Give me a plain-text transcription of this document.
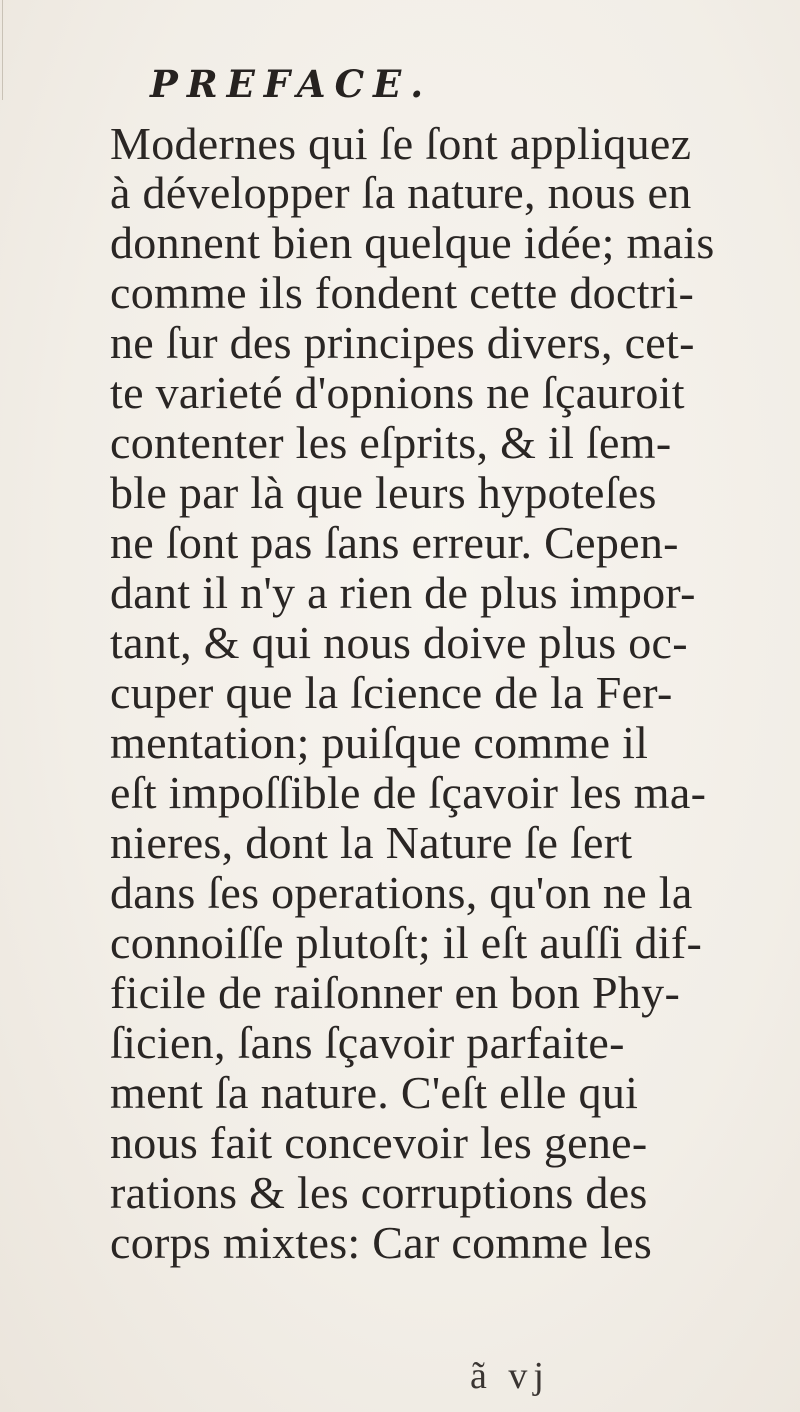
PREFACE.

Modernes qui ſe ſont appliquez

à développer ſa nature, nous en

donnent bien quelque idée; mais

comme ils fondent cette doctri-

ne ſur des principes divers, cet-

te varieté d'opnions ne ſçauroit

contenter les eſprits, & il ſem-

ble par là que leurs hypoteſes

ne ſont pas ſans erreur. Cepen-

dant il n'y a rien de plus impor-

tant, & qui nous doive plus oc-

cuper que la ſcience de la Fer-

mentation; puiſque comme il

eſt impoſſible de ſçavoir les ma-

nieres, dont la Nature ſe ſert

dans ſes operations, qu'on ne la

connoiſſe plutoſt; il eſt auſſi dif-

ficile de raiſonner en bon Phy-

ſicien, ſans ſçavoir parfaite-

ment ſa nature. C'eſt elle qui

nous fait concevoir les gene-

rations & les corruptions des

corps mixtes: Car comme les

ã vj
